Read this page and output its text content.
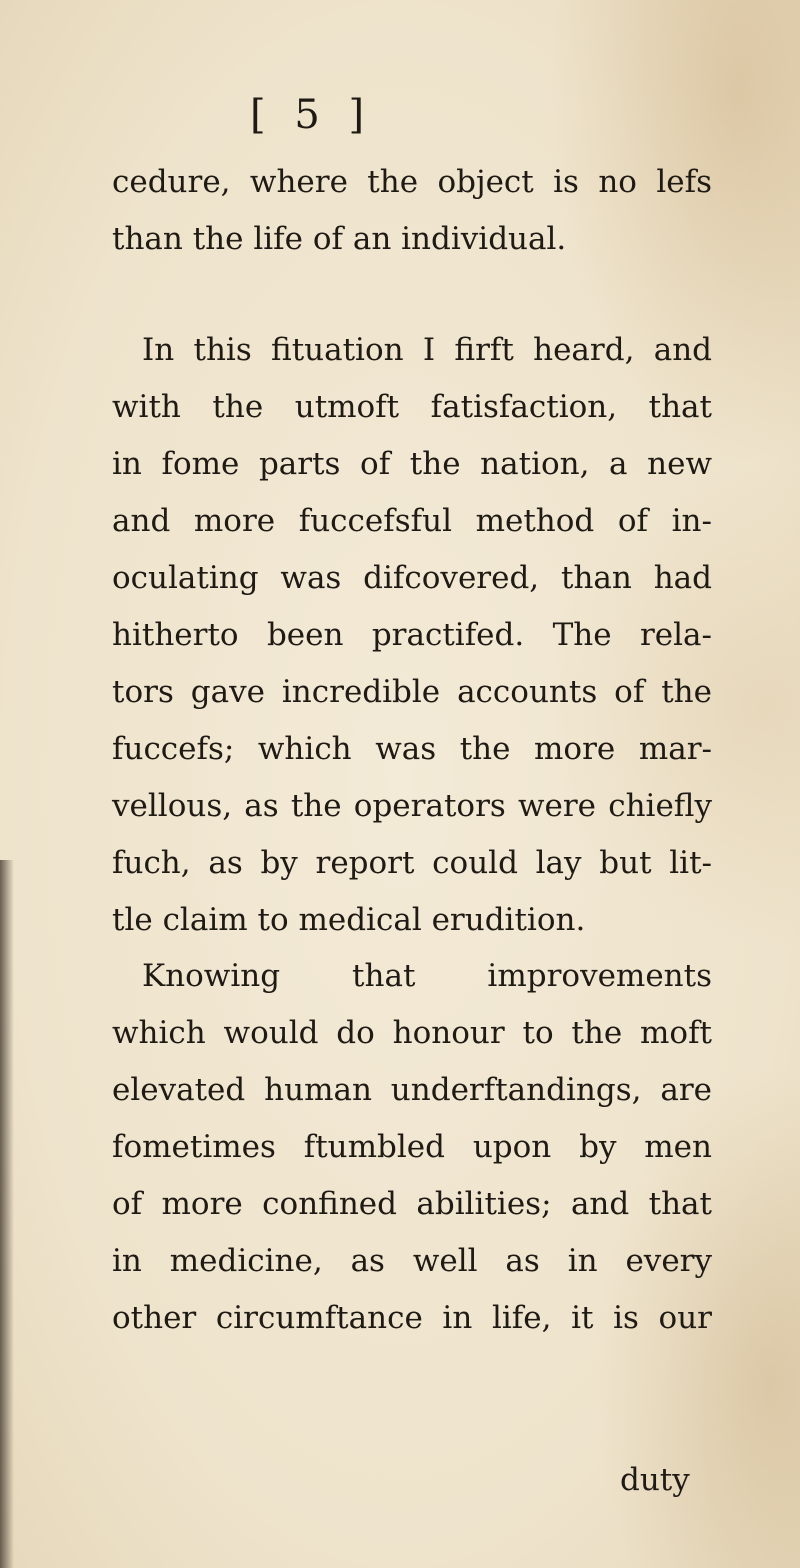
[ 5 ]
cedure, where the object is no lefs
than the life of an individual.
In this fituation I firft heard, and
with the utmoft fatisfaction, that
in fome parts of the nation, a new
and more fuccefsful method of in-
oculating was difcovered, than had
hitherto been practifed. The rela-
tors gave incredible accounts of the
fuccefs; which was the more mar-
vellous, as the operators were chiefly
fuch, as by report could lay but lit-
tle claim to medical erudition.
Knowing that improvements
which would do honour to the moft
elevated human underftandings, are
fometimes ftumbled upon by men
of more confined abilities; and that
in medicine, as well as in every
other circumftance in life, it is our
duty
